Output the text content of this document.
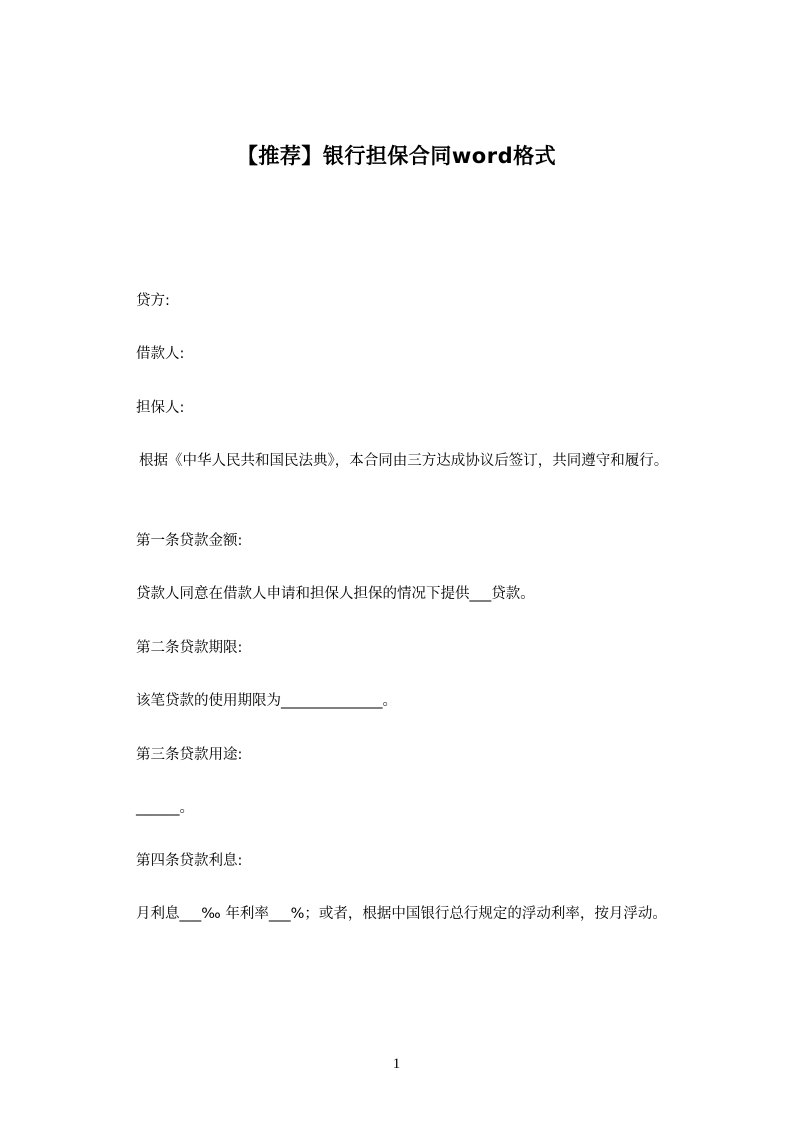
【推荐】银行担保合同word格式

贷方:

借款人:

担保人:

根据《中华人民共和国民法典》，本合同由三方达成协议后签订，共同遵守和履行。

第一条贷款金额:

贷款人同意在借款人申请和担保人担保的情况下提供___贷款。

第二条贷款期限:

该笔贷款的使用期限为______________。

第三条贷款用途:

______。

第四条贷款利息:

月利息___‰ 年利率___%；或者，根据中国银行总行规定的浮动利率，按月浮动。

1
